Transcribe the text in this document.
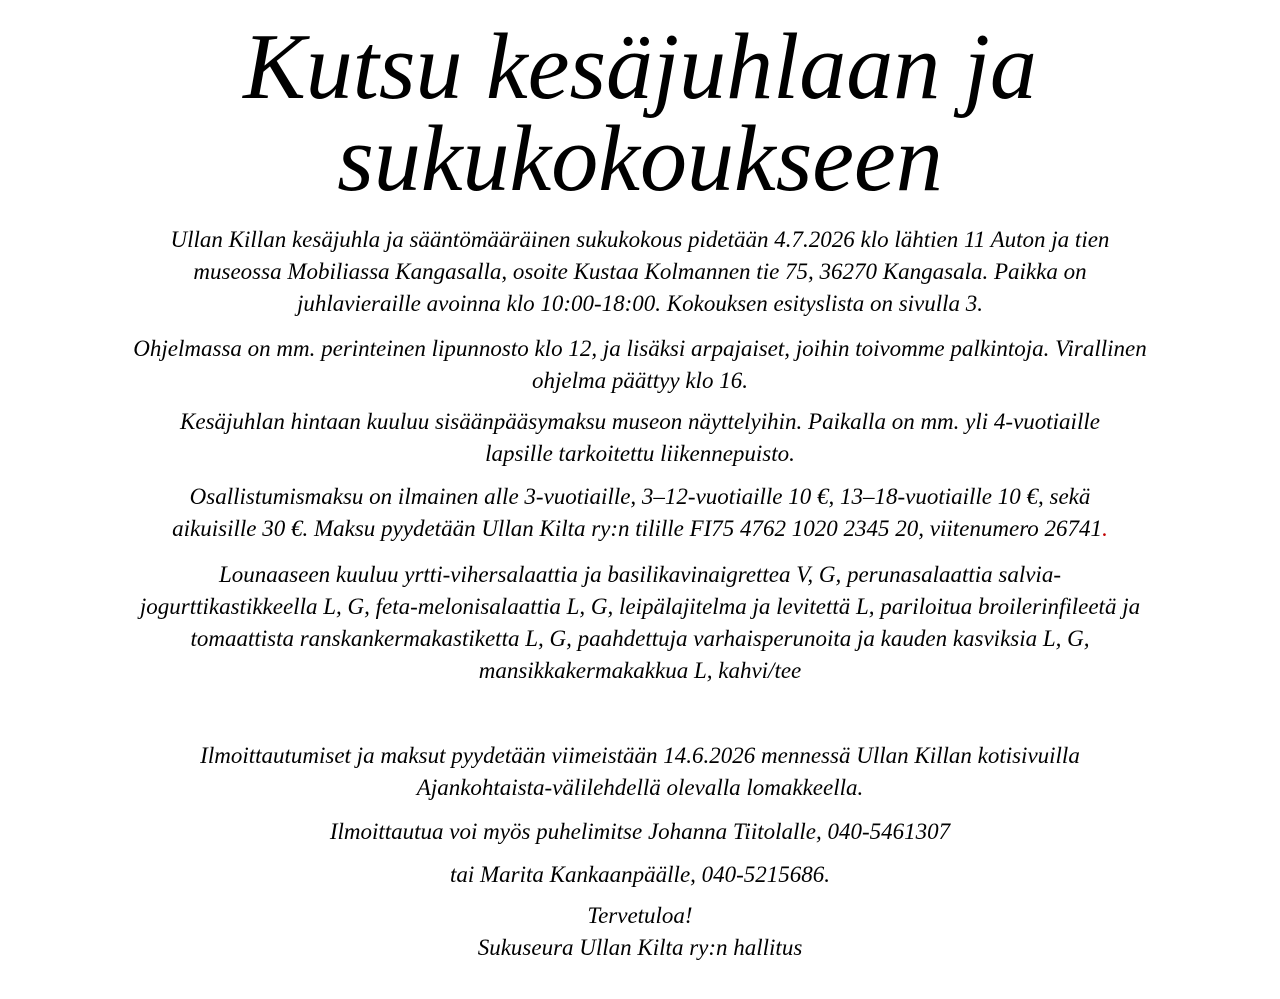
Kutsu kesäjuhlaan ja
sukukokoukseen

Ullan Killan kesäjuhla ja sääntömääräinen sukukokous pidetään 4.7.2026 klo lähtien 11 Auton ja tien
museossa Mobiliassa Kangasalla, osoite Kustaa Kolmannen tie 75, 36270 Kangasala. Paikka on
juhlavieraille avoinna klo 10:00-18:00. Kokouksen esityslista on sivulla 3.

Ohjelmassa on mm. perinteinen lipunnosto klo 12, ja lisäksi arpajaiset, joihin toivomme palkintoja. Virallinen
ohjelma päättyy klo 16.

Kesäjuhlan hintaan kuuluu sisäänpääsymaksu museon näyttelyihin. Paikalla on mm. yli 4-vuotiaille
lapsille tarkoitettu liikennepuisto.

Osallistumismaksu on ilmainen alle 3-vuotiaille, 3–12-vuotiaille 10 €, 13–18-vuotiaille 10 €, sekä
aikuisille 30 €. Maksu pyydetään Ullan Kilta ry:n tilille FI75 4762 1020 2345 20, viitenumero 26741.

Lounaaseen kuuluu yrtti-vihersalaattia ja basilikavinaigrettea V, G, perunasalaattia salvia-
jogurttikastikkeella L, G, feta-melonisalaattia L, G, leipälajitelma ja levitettä L, pariloitua broilerinfileetä ja
tomaattista ranskankermakastiketta L, G, paahdettuja varhaisperunoita ja kauden kasviksia L, G,
mansikkakermakakkua L, kahvi/tee

Ilmoittautumiset ja maksut pyydetään viimeistään 14.6.2026 mennessä Ullan Killan kotisivuilla
Ajankohtaista-välilehdellä olevalla lomakkeella.

Ilmoittautua voi myös puhelimitse Johanna Tiitolalle, 040-5461307

tai Marita Kankaanpäälle, 040-5215686.

Tervetuloa!
Sukuseura Ullan Kilta ry:n hallitus
